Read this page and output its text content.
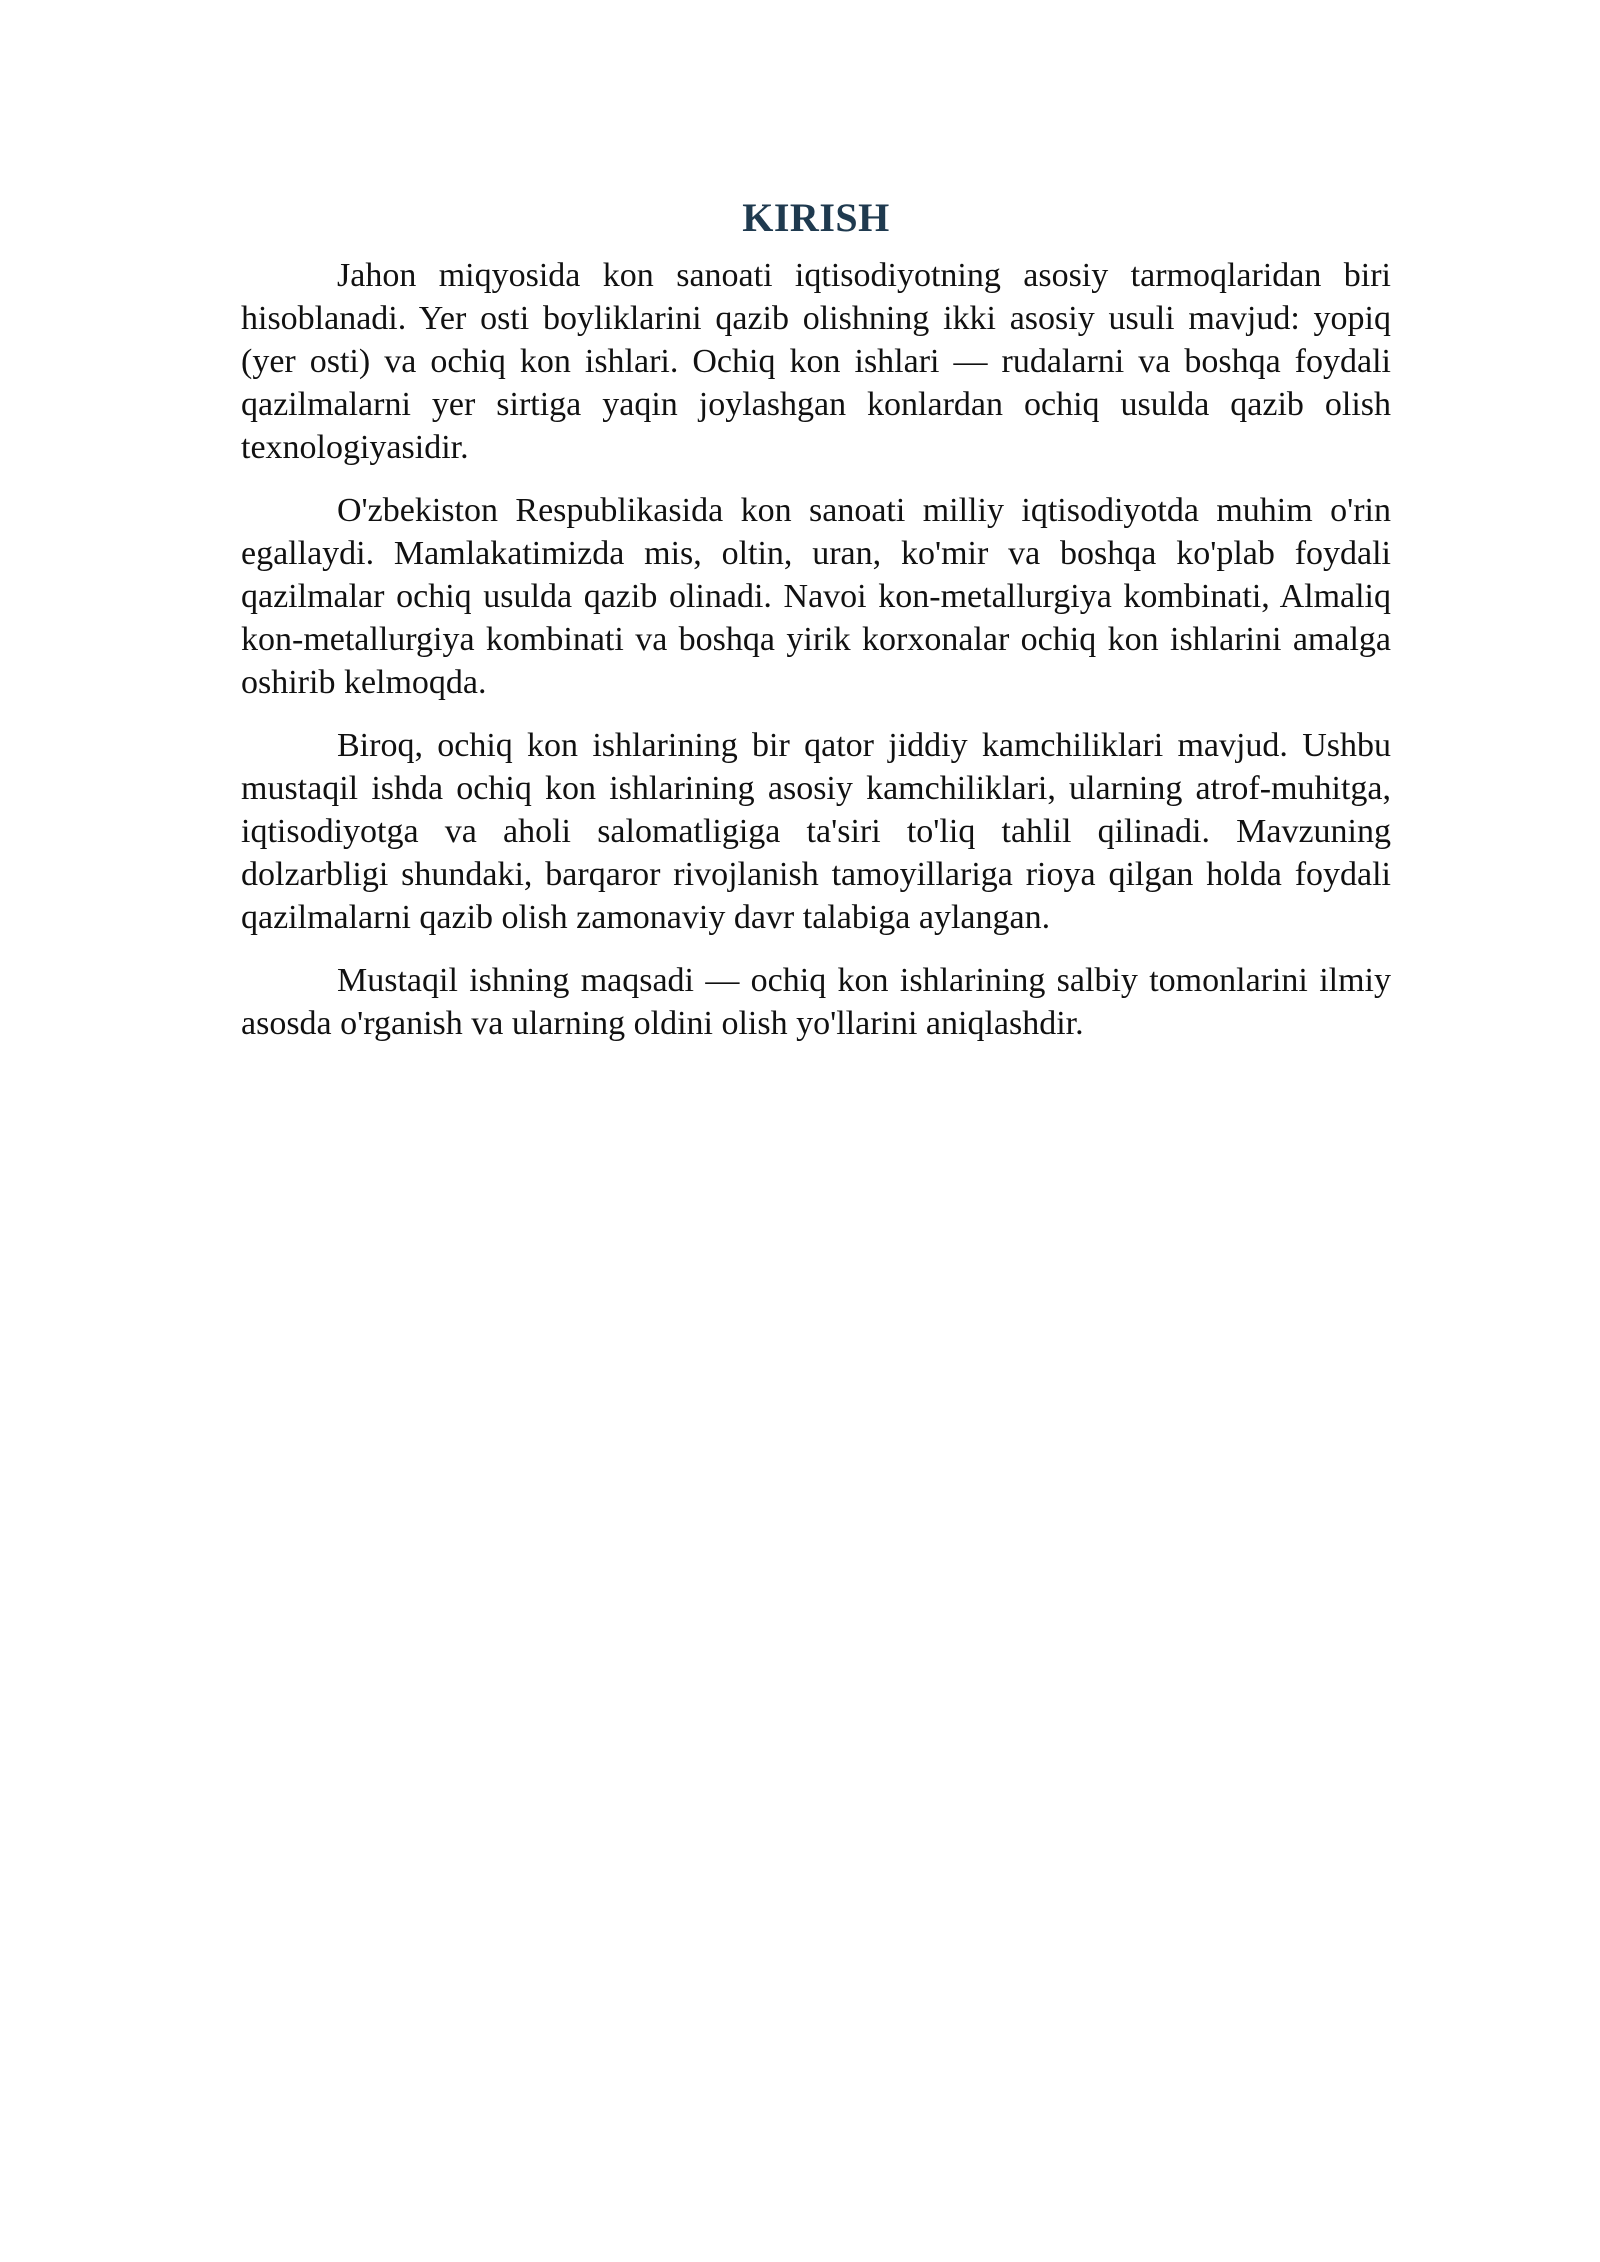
KIRISH

Jahon miqyosida kon sanoati iqtisodiyotning asosiy tarmoqlaridan biri hisoblanadi. Yer osti boyliklarini qazib olishning ikki asosiy usuli mavjud: yopiq (yer osti) va ochiq kon ishlari. Ochiq kon ishlari — rudalarni va boshqa foydali qazilmalarni yer sirtiga yaqin joylashgan konlardan ochiq usulda qazib olish texnologiyasidir.

O'zbekiston Respublikasida kon sanoati milliy iqtisodiyotda muhim o'rin egallaydi. Mamlakatimizda mis, oltin, uran, ko'mir va boshqa ko'plab foydali qazilmalar ochiq usulda qazib olinadi. Navoi kon-metallurgiya kombinati, Almaliq kon-metallurgiya kombinati va boshqa yirik korxonalar ochiq kon ishlarini amalga oshirib kelmoqda.

Biroq, ochiq kon ishlarining bir qator jiddiy kamchiliklari mavjud. Ushbu mustaqil ishda ochiq kon ishlarining asosiy kamchiliklari, ularning atrof-muhitga, iqtisodiyotga va aholi salomatligiga ta'siri to'liq tahlil qilinadi. Mavzuning dolzarbligi shundaki, barqaror rivojlanish tamoyillariga rioya qilgan holda foydali qazilmalarni qazib olish zamonaviy davr talabiga aylangan.

Mustaqil ishning maqsadi — ochiq kon ishlarining salbiy tomonlarini ilmiy asosda o'rganish va ularning oldini olish yo'llarini aniqlashdir.
